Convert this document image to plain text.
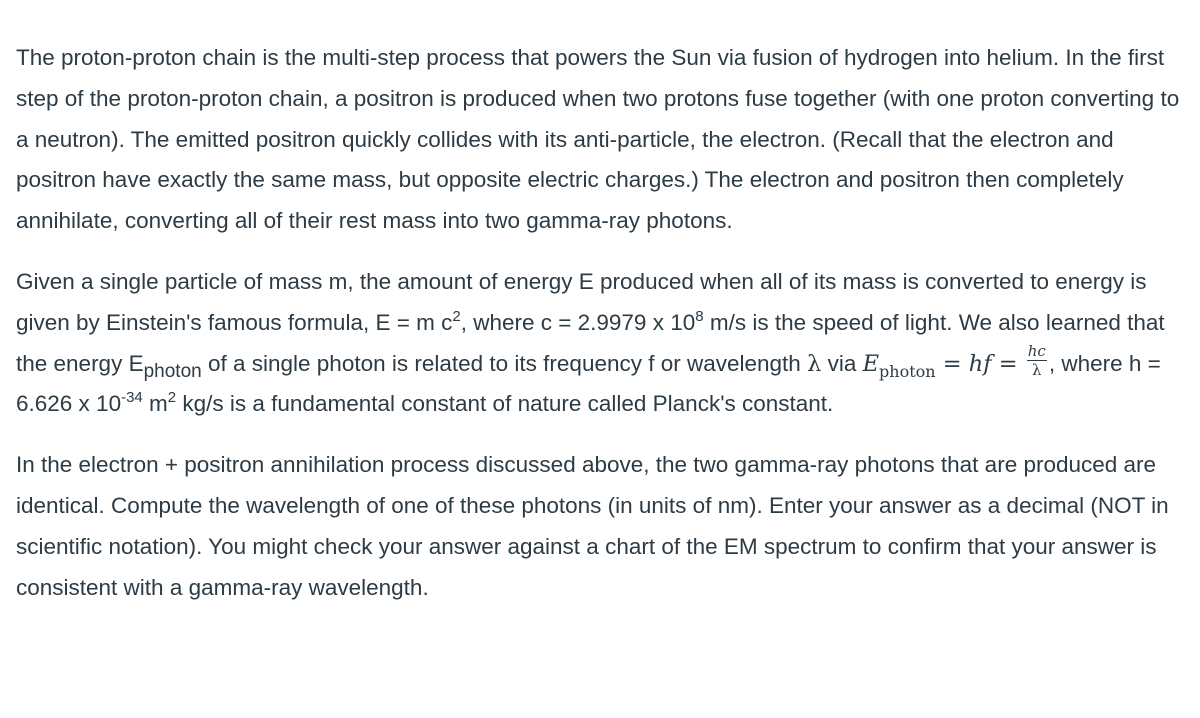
The proton-proton chain is the multi-step process that powers the Sun via fusion of hydrogen into helium. In the first step of the proton-proton chain, a positron is produced when two protons fuse together (with one proton converting to a neutron). The emitted positron quickly collides with its anti-particle, the electron. (Recall that the electron and positron have exactly the same mass, but opposite electric charges.) The electron and positron then completely annihilate, converting all of their rest mass into two gamma-ray photons.

Given a single particle of mass m, the amount of energy E produced when all of its mass is converted to energy is given by Einstein's famous formula, E = m $c^2$, where c = 2.9979 x $10^8$ m/s is the speed of light. We also learned that the energy $E_{photon}$ of a single photon is related to its frequency f or wavelength λ via $E_{photon}$ = hf = $\frac{hc}{\lambda}$ , where h = 6.626 x $10^{-34}$ $m^2$ kg/s is a fundamental constant of nature called Planck's constant.

In the electron + positron annihilation process discussed above, the two gamma-ray photons that are produced are identical. Compute the wavelength of one of these photons (in units of nm). Enter your answer as a decimal (NOT in scientific notation). You might check your answer against a chart of the EM spectrum to confirm that your answer is consistent with a gamma-ray wavelength.
